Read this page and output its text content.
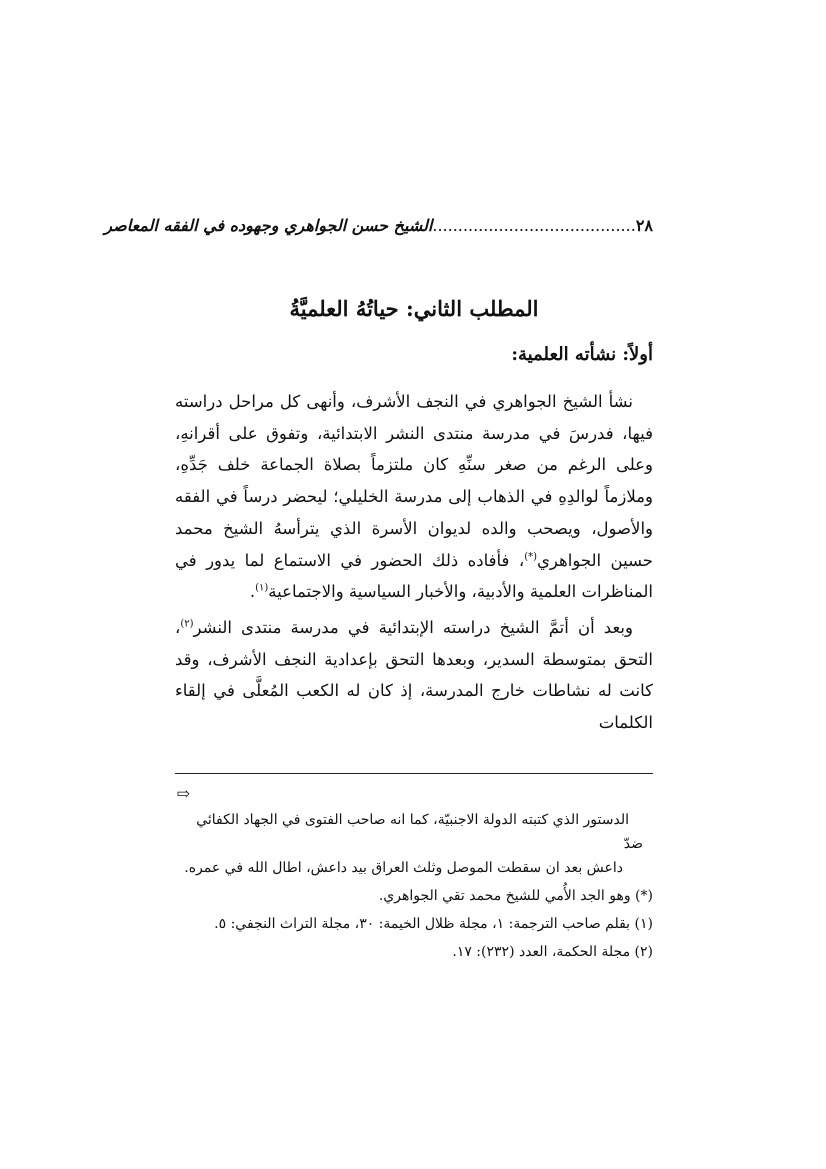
٢٨........................................الشيخ حسن الجواهري وجهوده في الفقه المعاصر
المطلب الثاني: حياتُهُ العلميَّةُ
أولاً: نشأته العلمية:

نشأ الشيخ الجواهري في النجف الأشرف، وأنهى كل مراحل دراسته فيها، فدرسَ في مدرسة منتدى النشر الابتدائية، وتفوق على أقرانهِ، وعلى الرغم من صغر سنِّهِ كان ملتزماً بصلاة الجماعة خلف جَدِّهِ، وملازماً لوالدِهِ في الذهاب إلى مدرسة الخليلي؛ ليحضر درساً في الفقه والأصول، ويصحب والده لديوان الأسرة الذي يترأسهُ الشيخ محمد حسين الجواهري(*)، فأفاده ذلك الحضور في الاستماع لما يدور في المناظرات العلمية والأدبية، والأخبار السياسية والاجتماعية$^{(١)}$.

وبعد أن أتمَّ الشيخ دراسته الإبتدائية في مدرسة منتدى النشر$^{(٢)}$، التحق بمتوسطة السدير، وبعدها التحق بإعدادية النجف الأشرف، وقد كانت له نشاطات خارج المدرسة، إذ كان له الكعب المُعلَّى في إلقاء الكلمات

⇨
الدستور الذي كتبته الدولة الاجنبيّة، كما انه صاحب الفتوى في الجهاد الكفائي ضدّ
داعش بعد ان سقطت الموصل وثلث العراق بيد داعش، اطال الله في عمره.
(*) وهو الجد الأُمي للشيخ محمد تقي الجواهري.
(١) بقلم صاحب الترجمة: ١، مجلة ظلال الخيمة: ٣٠، مجلة التراث النجفي: ٥.
(٢) مجلة الحكمة، العدد (٢٣٢): ١٧.
